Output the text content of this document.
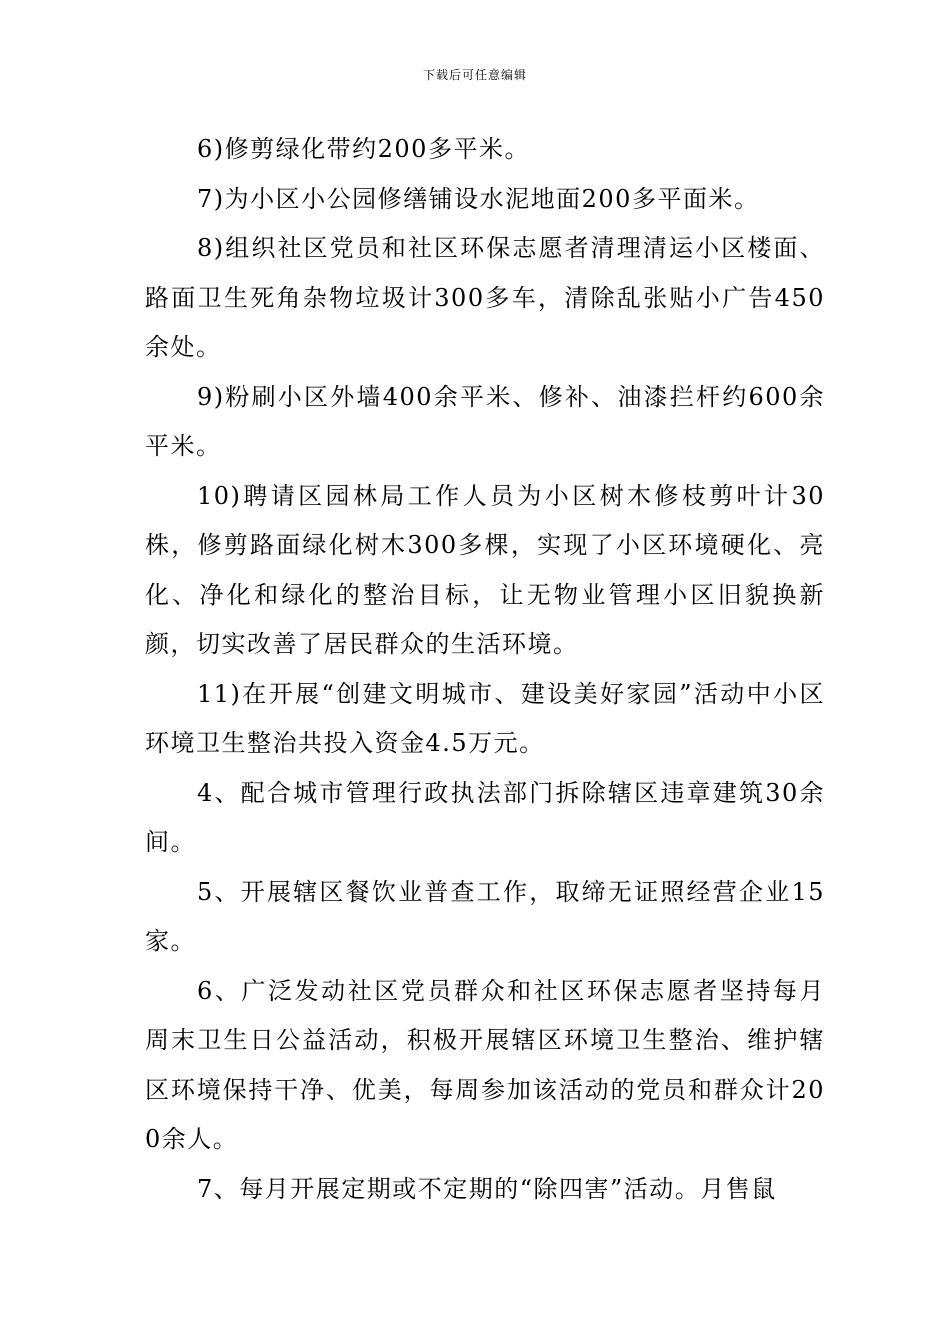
下载后可任意编辑

6)修剪绿化带约200多平米。

7)为小区小公园修缮铺设水泥地面200多平面米。

8)组织社区党员和社区环保志愿者清理清运小区楼面、路面卫生死角杂物垃圾计300多车，清除乱张贴小广告450余处。

9)粉刷小区外墙400余平米、修补、油漆拦杆约600余平米。

10)聘请区园林局工作人员为小区树木修枝剪叶计30株，修剪路面绿化树木300多棵，实现了小区环境硬化、亮化、净化和绿化的整治目标，让无物业管理小区旧貌换新颜，切实改善了居民群众的生活环境。

11)在开展“创建文明城市、建设美好家园”活动中小区环境卫生整治共投入资金4.5万元。

4、配合城市管理行政执法部门拆除辖区违章建筑30余间。

5、开展辖区餐饮业普查工作，取缔无证照经营企业15家。

6、广泛发动社区党员群众和社区环保志愿者坚持每月周末卫生日公益活动，积极开展辖区环境卫生整治、维护辖区环境保持干净、优美，每周参加该活动的党员和群众计200余人。

7、每月开展定期或不定期的“除四害”活动。月售鼠
